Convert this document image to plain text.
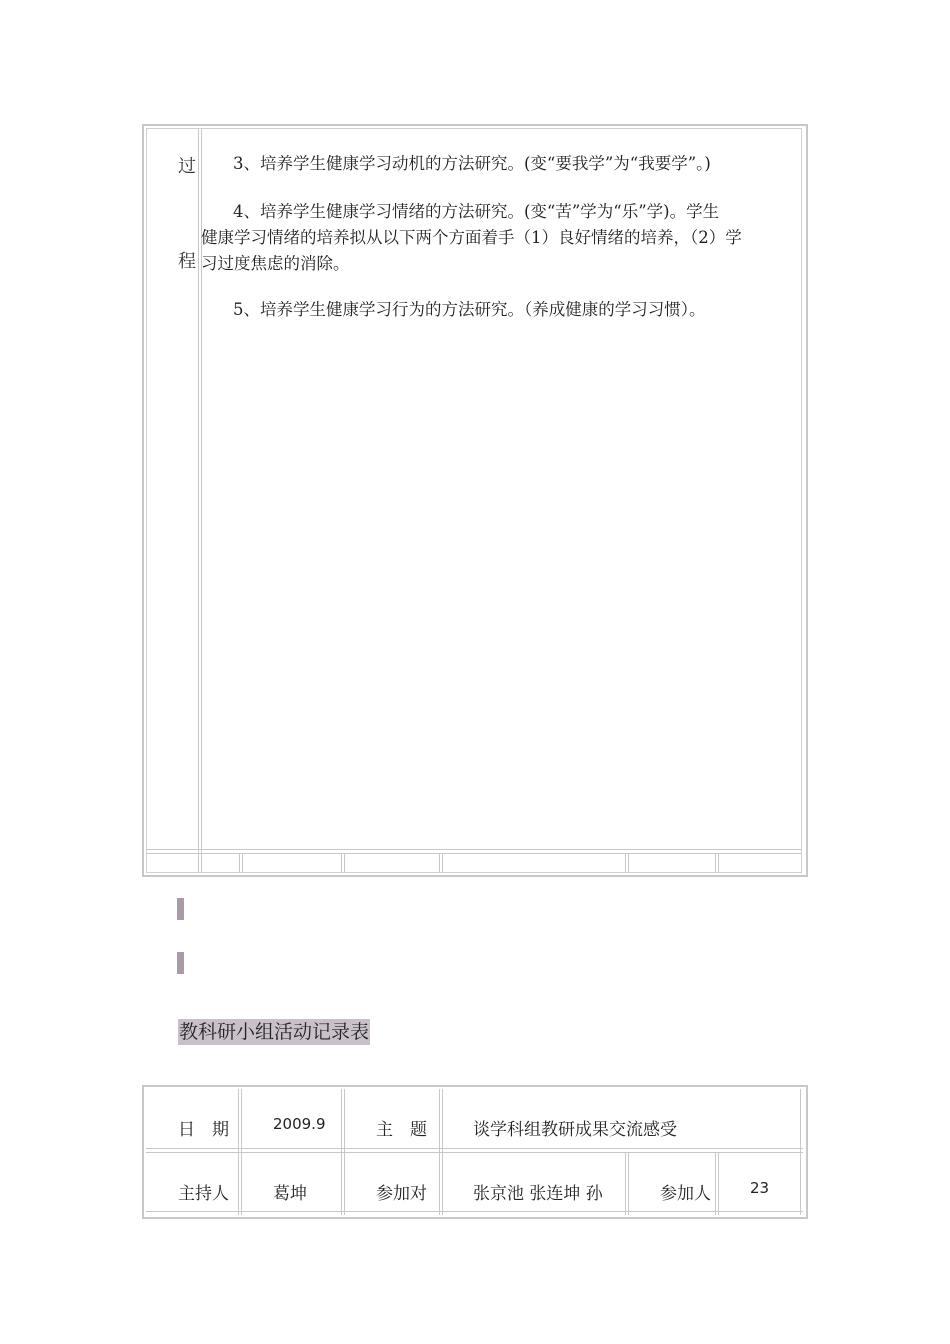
过
程
3、培养学生健康学习动机的方法研究。(变“要我学”为“我要学”。)
4、培养学生健康学习情绪的方法研究。(变“苦”学为“乐”学)。学生
健康学习情绪的培养拟从以下两个方面着手（1）良好情绪的培养，（2）学
习过度焦虑的消除。
5、培养学生健康学习行为的方法研究。（养成健康的学习习惯）。
教科研小组活动记录表
日　期	2009.9	主　题	谈学科组教研成果交流感受
主持人	葛坤	参加对	张京池 张连坤 孙	参加人	23
